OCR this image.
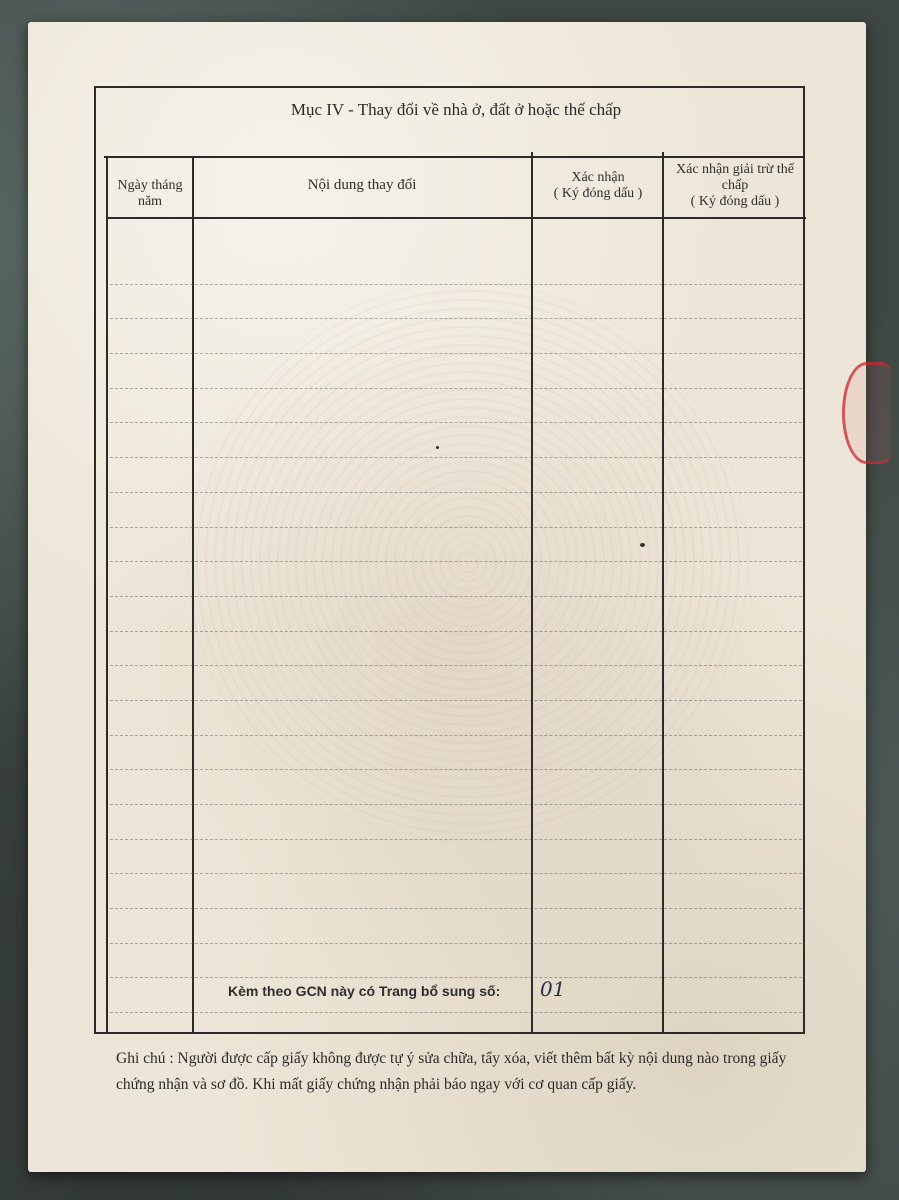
Mục IV - Thay đổi về nhà ở, đất ở hoặc thế chấp
Ngày tháng năm
Nội dung thay đổi	Xác nhận
( Ký đóng dấu )
Xác nhận giải trừ thế chấp
( Ký đóng dấu )
Kèm theo GCN này có Trang bổ sung số: 01
Ghi chú : Người được cấp giấy không được tự ý sửa chữa, tẩy xóa, viết thêm bất kỳ nội dung nào trong giấy chứng nhận và sơ đồ. Khi mất giấy chứng nhận phải báo ngay với cơ quan cấp giấy.
